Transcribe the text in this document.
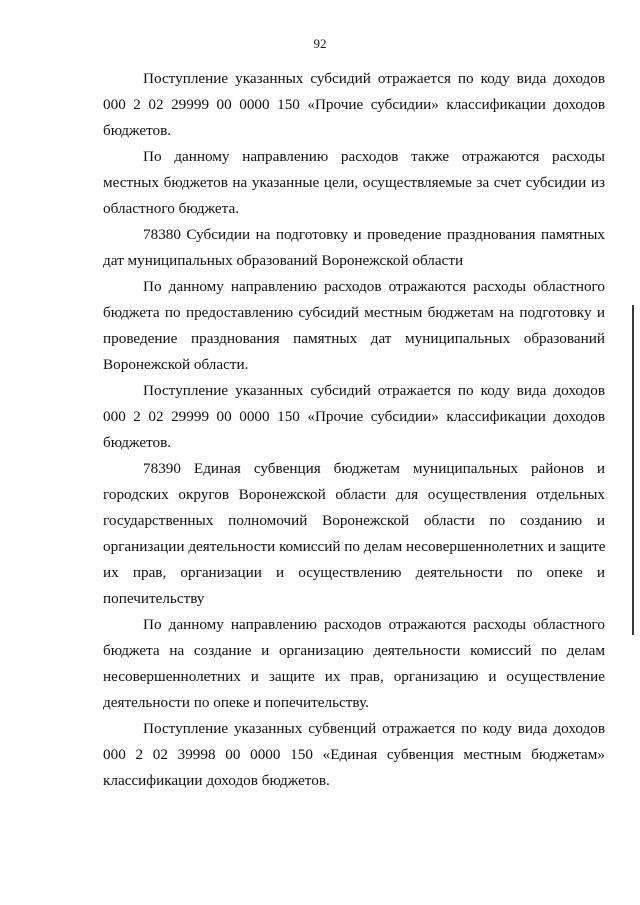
92
Поступление указанных субсидий отражается по коду вида доходов
000 2 02 29999 00 0000 150 «Прочие субсидии» классификации доходов
бюджетов.
По данному направлению расходов также отражаются расходы
местных бюджетов на указанные цели, осуществляемые за счет субсидии из
областного бюджета.
78380 Субсидии на подготовку и проведение празднования памятных
дат муниципальных образований Воронежской области
По данному направлению расходов отражаются расходы областного
бюджета по предоставлению субсидий местным бюджетам на подготовку и
проведение празднования памятных дат муниципальных образований
Воронежской области.
Поступление указанных субсидий отражается по коду вида доходов
000 2 02 29999 00 0000 150 «Прочие субсидии» классификации доходов
бюджетов.
78390 Единая субвенция бюджетам муниципальных районов и
городских округов Воронежской области для осуществления отдельных
государственных полномочий Воронежской области по созданию и
организации деятельности комиссий по делам несовершеннолетних и защите
их прав, организации и осуществлению деятельности по опеке и
попечительству
По данному направлению расходов отражаются расходы областного
бюджета на создание и организацию деятельности комиссий по делам
несовершеннолетних и защите их прав, организацию и осуществление
деятельности по опеке и попечительству.
Поступление указанных субвенций отражается по коду вида доходов
000 2 02 39998 00 0000 150 «Единая субвенция местным бюджетам»
классификации доходов бюджетов.
